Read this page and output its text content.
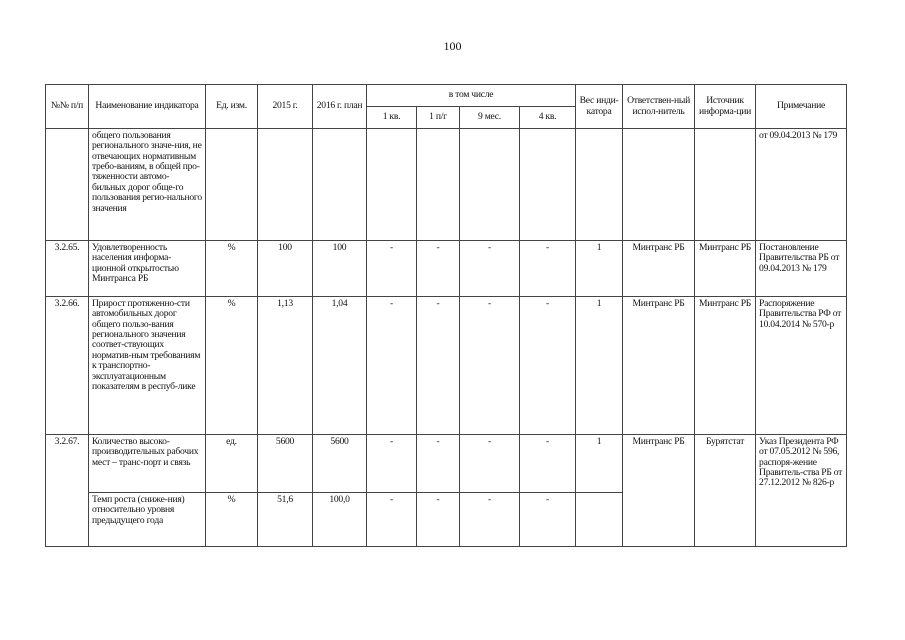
100
№№ п/п	Наименование индикатора	Ед. изм.	2015 г.	2016 г. план	в том числе				Вес инди-катора	Ответствен-ный испол-нитель	Источник информа-ции	Примечание
					1 кв.	1 п/г	9 мес.	4 кв.				
	общего пользования регионального значе-ния, не отвечающих нормативным требо-ваниям, в общей про-тяженности автомо-бильных дорог обще-го пользования регио-нального значения											от 09.04.2013 № 179
3.2.65.	Удовлетворенность населения информа-ционной открытостью Минтранса РБ	%	100	100	-	-	-	-	1	Минтранс РБ	Минтранс РБ	Постановление Правительства РБ от 09.04.2013 № 179
3.2.66.	Прирост протяженно-сти автомобильных дорог общего пользо-вания регионального значения соответ-ствующих норматив-ным требованиям к транспортно-эксплуатационным показателям в респуб-лике	%	1,13	1,04	-	-	-	-	1	Минтранс РБ	Минтранс РБ	Распоряжение Правительства РФ от 10.04.2014 № 570-р
3.2.67.	Количество высоко-производительных рабочих мест – транс-порт и связь	ед.	5600	5600	-	-	-	-	1	Минтранс РБ	Бурятстат	Указ Президента РФ от 07.05.2012 № 596, распоря-жение Правитель-ства РБ от 27.12.2012 № 826-р
	Темп роста (сниже-ния) относительно уровня предыдущего года	%	51,6	100,0	-	-	-	-				
